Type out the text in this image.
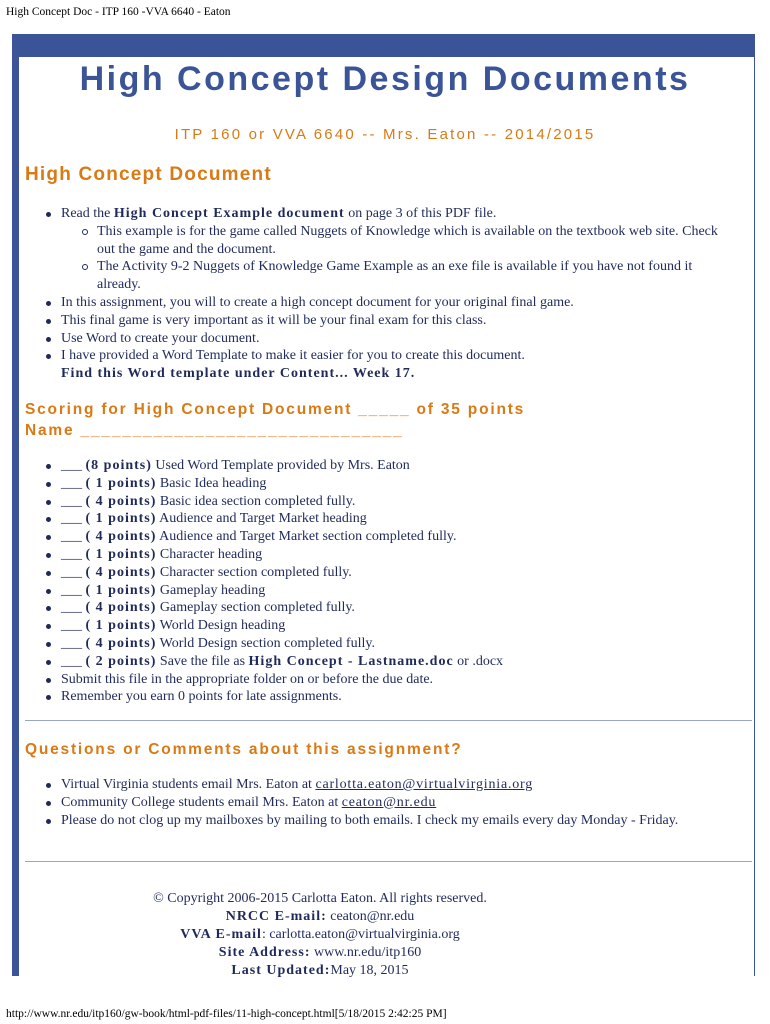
High Concept Doc - ITP 160 -VVA 6640 - Eaton
High Concept Design Documents
ITP 160 or VVA 6640 -- Mrs. Eaton -- 2014/2015
High Concept Document
Read the High Concept Example document on page 3 of this PDF file.
This example is for the game called Nuggets of Knowledge which is available on the textbook web site. Check out the game and the document.
The Activity 9-2 Nuggets of Knowledge Game Example as an exe file is available if you have not found it already.
In this assignment, you will to create a high concept document for your original final game.
This final game is very important as it will be your final exam for this class.
Use Word to create your document.
I have provided a Word Template to make it easier for you to create this document.
Find this Word template under Content... Week 17.
Scoring for High Concept Document _____ of 35 points
Name _______________________________
___ (8 points) Used Word Template provided by Mrs. Eaton
___ ( 1 points) Basic Idea heading
___ ( 4 points) Basic idea section completed fully.
___ ( 1 points) Audience and Target Market heading
___ ( 4 points) Audience and Target Market section completed fully.
___ ( 1 points) Character heading
___ ( 4 points) Character section completed fully.
___ ( 1 points) Gameplay heading
___ ( 4 points) Gameplay section completed fully.
___ ( 1 points) World Design heading
___ ( 4 points) World Design section completed fully.
___ ( 2 points) Save the file as High Concept - Lastname.doc or .docx
Submit this file in the appropriate folder on or before the due date.
Remember you earn 0 points for late assignments.
Questions or Comments about this assignment?
Virtual Virginia students email Mrs. Eaton at carlotta.eaton@virtualvirginia.org
Community College students email Mrs. Eaton at ceaton@nr.edu
Please do not clog up my mailboxes by mailing to both emails. I check my emails every day Monday - Friday.
© Copyright 2006-2015 Carlotta Eaton. All rights reserved.
NRCC E-mail: ceaton@nr.edu
VVA E-mail: carlotta.eaton@virtualvirginia.org
Site Address: www.nr.edu/itp160
Last Updated:May 18, 2015
http://www.nr.edu/itp160/gw-book/html-pdf-files/11-high-concept.html[5/18/2015 2:42:25 PM]
